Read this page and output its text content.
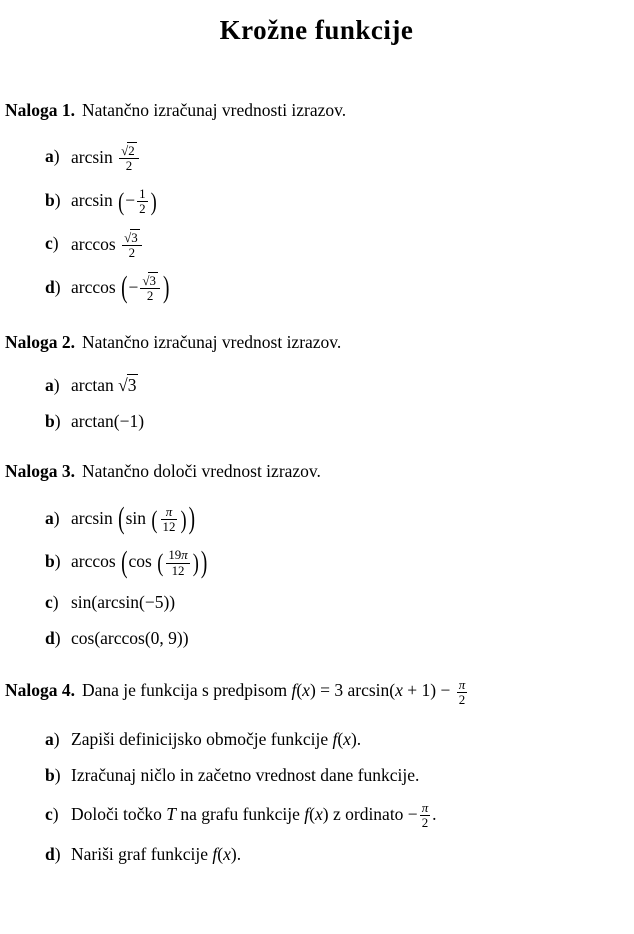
Krožne funkcije

Naloga 1. Natančno izračunaj vrednosti izrazov.

a) $\arcsin \frac{√2}{2}$
b) arcsin (− $\frac{1}{2}$ )
c) $\arccos \frac{√3}{2}$
d) arccos (− $\frac{√3}{2}$ )

Naloga 2. Natančno izračunaj vrednost izrazov.

a) arctan √3
b) arctan(−1)

Naloga 3. Natančno določi vrednost izrazov.

a) arcsin (sin ( $\frac{\pi}{12}$ ) )
b) arccos (cos ( $\frac{19\pi}{12}$ ) )
c) sin(arcsin(−5))
d) cos(arccos(0, 9))

Naloga 4. Dana je funkcija s predpisom f(x) = 3 $\arcsin(x + 1) - \frac{\pi}{2}$

a) Zapiši definicijsko območje funkcije f(x).
b) Izračunaj ničlo in začetno vrednost dane funkcije.
c) Določi točko T na grafu funkcije f(x) z ordinato − $\frac{\pi}{2}$ .
d) Nariši graf funkcije f(x).
